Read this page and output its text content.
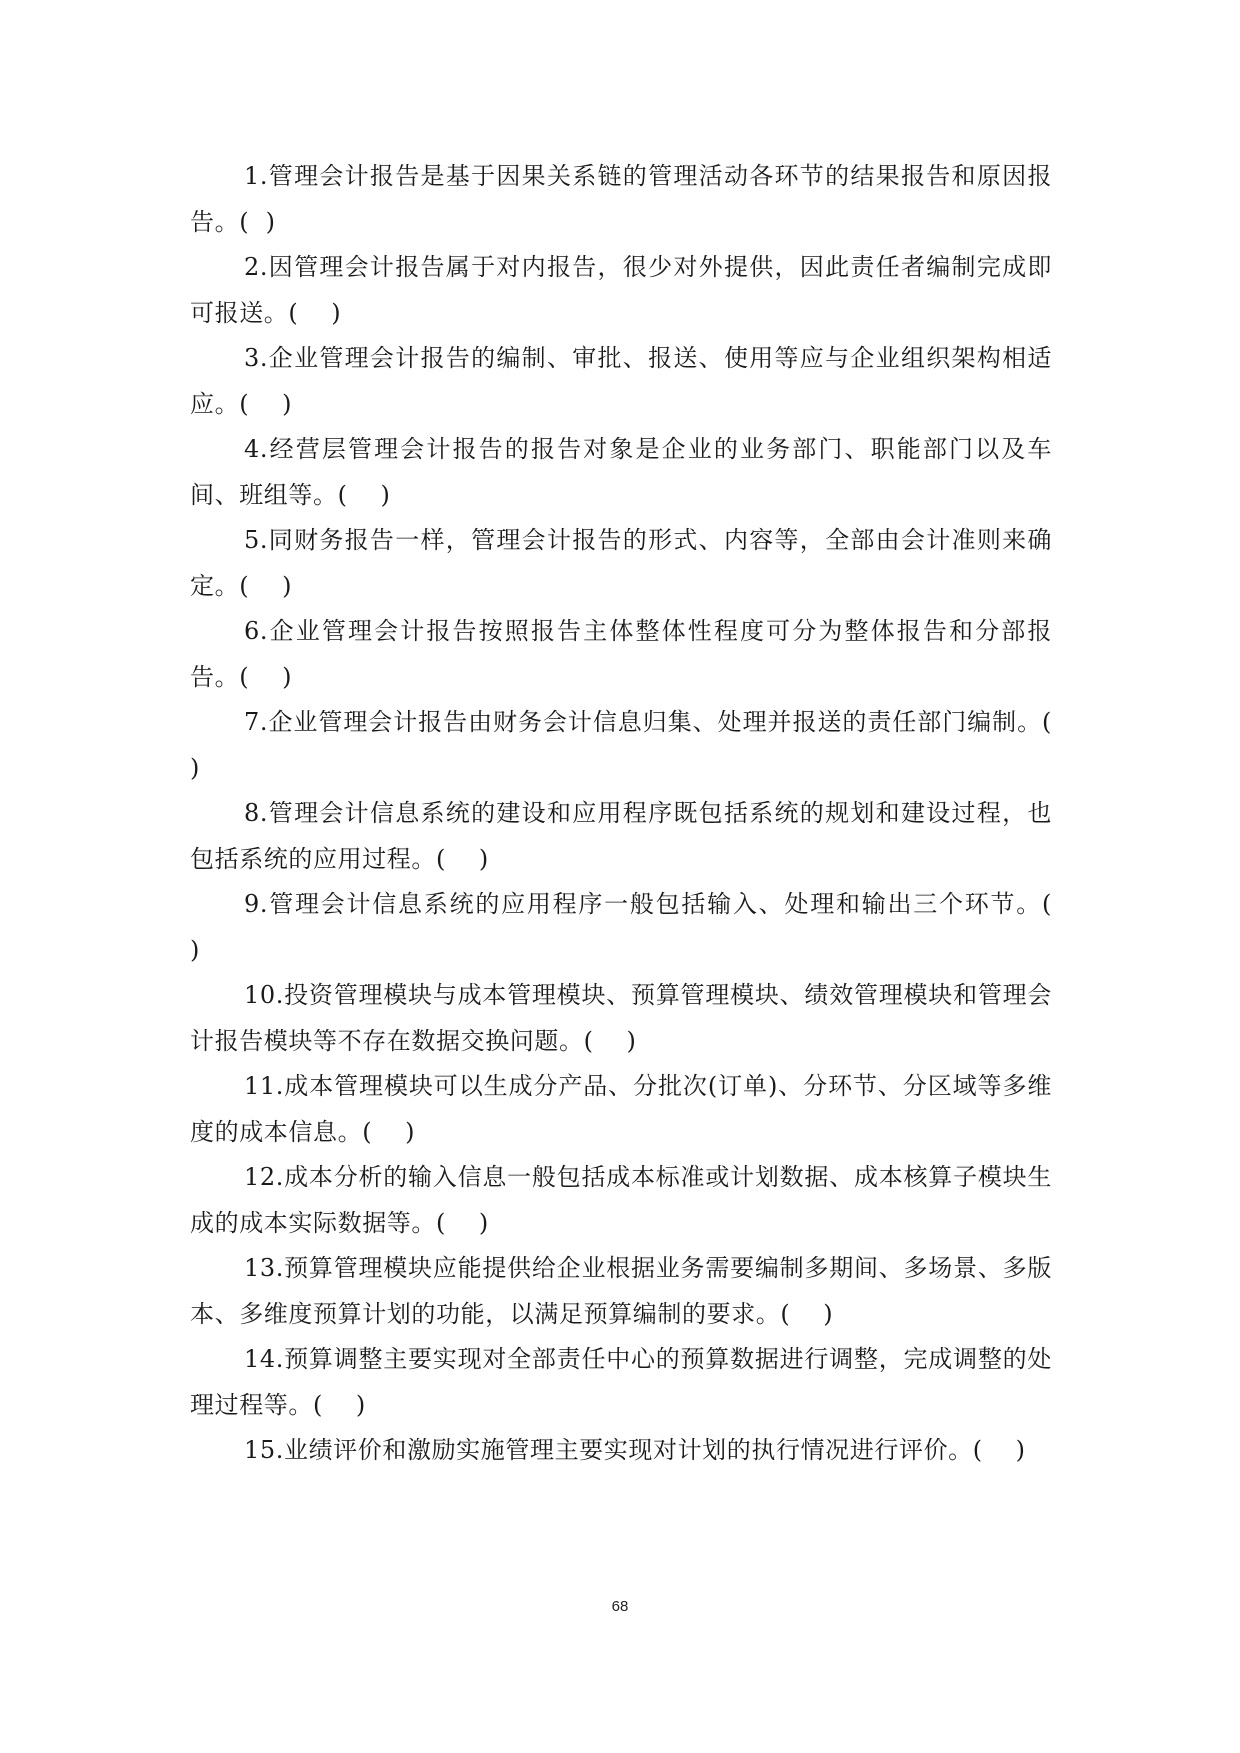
1.管理会计报告是基于因果关系链的管理活动各环节的结果报告和原因报告。(  )

2.因管理会计报告属于对内报告，很少对外提供，因此责任者编制完成即可报送。(    )

3.企业管理会计报告的编制、审批、报送、使用等应与企业组织架构相适应。(    )

4.经营层管理会计报告的报告对象是企业的业务部门、职能部门以及车间、班组等。(    )

5.同财务报告一样，管理会计报告的形式、内容等，全部由会计准则来确定。(    )

6.企业管理会计报告按照报告主体整体性程度可分为整体报告和分部报告。(    )

7.企业管理会计报告由财务会计信息归集、处理并报送的责任部门编制。(    )

8.管理会计信息系统的建设和应用程序既包括系统的规划和建设过程，也包括系统的应用过程。(    )

9.管理会计信息系统的应用程序一般包括输入、处理和输出三个环节。(    )

10.投资管理模块与成本管理模块、预算管理模块、绩效管理模块和管理会计报告模块等不存在数据交换问题。(    )

11.成本管理模块可以生成分产品、分批次(订单)、分环节、分区域等多维度的成本信息。(    )

12.成本分析的输入信息一般包括成本标准或计划数据、成本核算子模块生成的成本实际数据等。(    )

13.预算管理模块应能提供给企业根据业务需要编制多期间、多场景、多版本、多维度预算计划的功能，以满足预算编制的要求。(    )

14.预算调整主要实现对全部责任中心的预算数据进行调整，完成调整的处理过程等。(    )

15.业绩评价和激励实施管理主要实现对计划的执行情况进行评价。(    )

68
